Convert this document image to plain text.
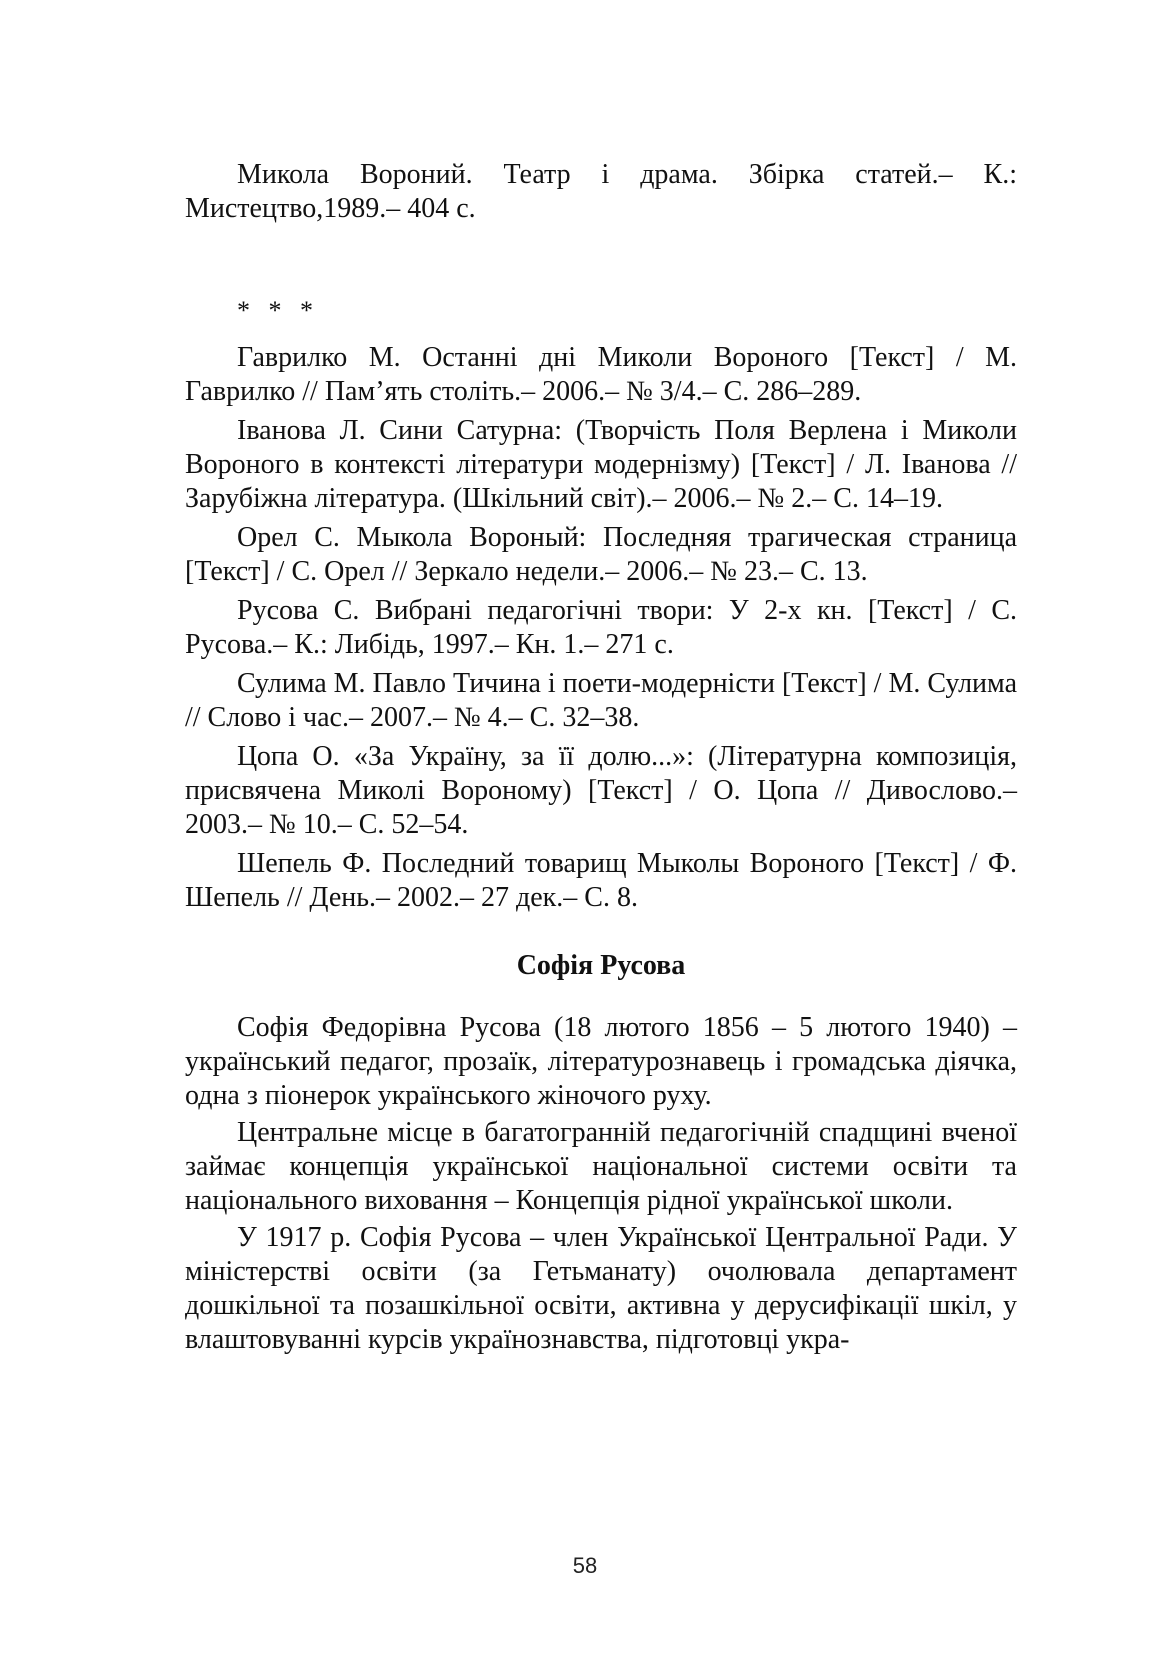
Микола Вороний. Театр і драма. Збірка статей.– К.: Мистецтво,1989.– 404 с.

* * *

Гаврилко М. Останні дні Миколи Вороного [Текст] / М. Гаврилко // Пам’ять століть.– 2006.– № 3/4.– С. 286–289.

Іванова Л. Сини Сатурна: (Творчість Поля Верлена і Миколи Вороного в контексті літератури модернізму) [Текст] / Л. Іванова // Зарубіжна література. (Шкільний світ).– 2006.– № 2.– С. 14–19.

Орел С. Мыкола Вороный: Последняя трагическая страница [Текст] / С. Орел // Зеркало недели.– 2006.– № 23.– С. 13.

Русова С. Вибрані педагогічні твори: У 2-х кн. [Текст] / С. Русова.– К.: Либідь, 1997.– Кн. 1.– 271 с.

Сулима М. Павло Тичина і поети-модерністи [Текст] / М. Сулима // Слово і час.– 2007.– № 4.– С. 32–38.

Цопа О. «За Україну, за її долю...»: (Літературна композиція, присвячена Миколі Вороному) [Текст] / О. Цопа // Дивослово.– 2003.– № 10.– С. 52–54.

Шепель Ф. Последний товарищ Мыколы Вороного [Текст] / Ф. Шепель // День.– 2002.– 27 дек.– С. 8.

Софія Русова

Софія Федорівна Русова (18 лютого 1856 – 5 лютого 1940) – український педагог, прозаїк, літературознавець і громадська діячка, одна з піонерок українського жіночого руху.

Центральне місце в багатогранній педагогічній спадщині вченої займає концепція української національної системи освіти та національного виховання – Концепція рідної української школи.

У 1917 р. Софія Русова – член Української Центральної Ради. У міністерстві освіти (за Гетьманату) очолювала департамент дошкільної та позашкільної освіти, активна у дерусифікації шкіл, у влаштовуванні курсів українознавства, підготовці укра-

58
